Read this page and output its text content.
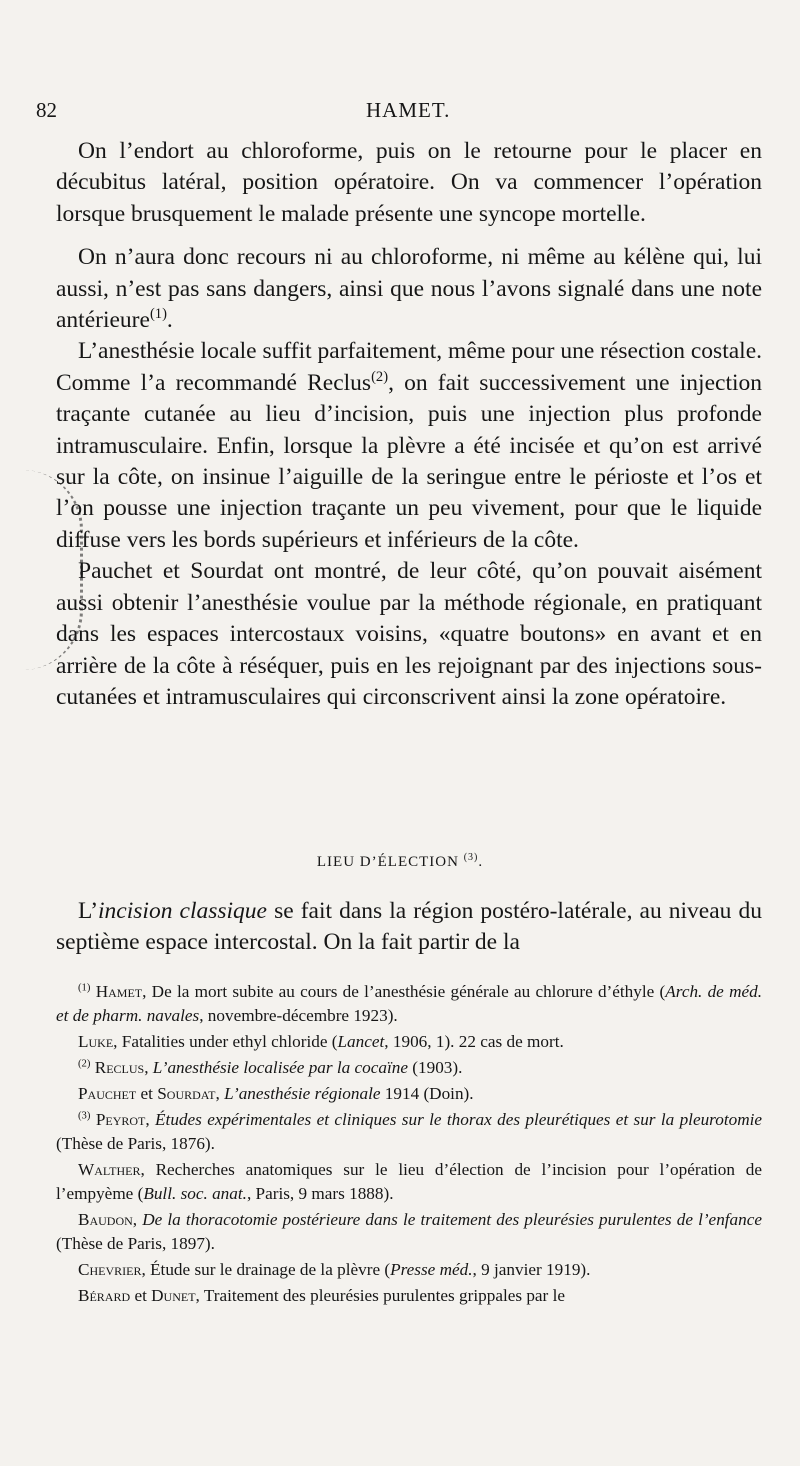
82	HAMET.

On l’endort au chloroforme, puis on le retourne pour le placer en décubitus latéral, position opératoire. On va commencer l’opération lorsque brusquement le malade présente une syncope mortelle.

On n’aura donc recours ni au chloroforme, ni même au kélène qui, lui aussi, n’est pas sans dangers, ainsi que nous l’avons signalé dans une note antérieure$^{(1)}$.

L’anesthésie locale suffit parfaitement, même pour une résection costale. Comme l’a recommandé Reclus$^{(2)}$, on fait successivement une injection traçante cutanée au lieu d’incision, puis une injection plus profonde intramusculaire. Enfin, lorsque la plèvre a été incisée et qu’on est arrivé sur la côte, on insinue l’aiguille de la seringue entre le périoste et l’os et l’on pousse une injection traçante un peu vivement, pour que le liquide diffuse vers les bords supérieurs et inférieurs de la côte.

Pauchet et Sourdat ont montré, de leur côté, qu’on pouvait aisément aussi obtenir l’anesthésie voulue par la méthode régionale, en pratiquant dans les espaces intercostaux voisins, «quatre boutons» en avant et en arrière de la côte à réséquer, puis en les rejoignant par des injections sous-cutanées et intramusculaires qui circonscrivent ainsi la zone opératoire.

LIEU D’ÉLECTION $^{(3)}$.

L’incision classique se fait dans la région postéro-latérale, au niveau du septième espace intercostal. On la fait partir de la

$^{(1)}$ Hamet, De la mort subite au cours de l’anesthésie générale au chlorure d’éthyle (Arch. de méd. et de pharm. navales, novembre-décembre 1923).

Luke, Fatalities under ethyl chloride (Lancet, 1906, 1). 22 cas de mort.

$^{(2)}$ Reclus, L’anesthésie localisée par la cocaïne (1903).

Pauchet et Sourdat, L’anesthésie régionale 1914 (Doin).

$^{(3)}$ Peyrot, Études expérimentales et cliniques sur le thorax des pleurétiques et sur la pleurotomie (Thèse de Paris, 1876).

Walther, Recherches anatomiques sur le lieu d’élection de l’incision pour l’opération de l’empyème (Bull. soc. anat., Paris, 9 mars 1888).

Baudon, De la thoracotomie postérieure dans le traitement des pleurésies purulentes de l’enfance (Thèse de Paris, 1897).

Chevrier, Étude sur le drainage de la plèvre (Presse méd., 9 janvier 1919).

Bérard et Dunet, Traitement des pleurésies purulentes grippales par le
